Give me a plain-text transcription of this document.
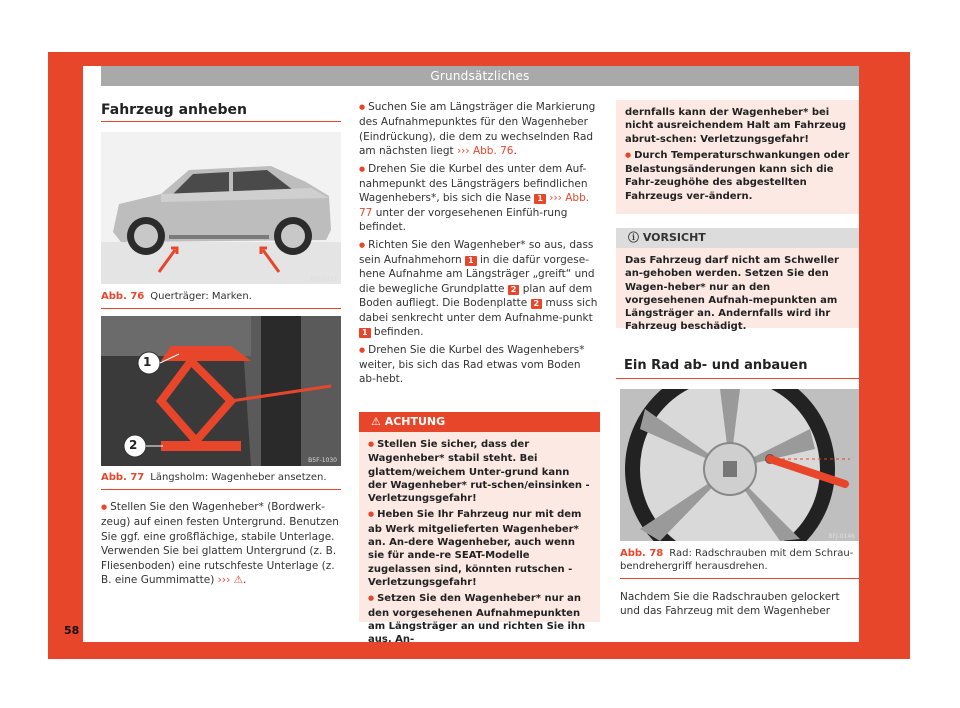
Grundsätzliches
Fahrzeug anheben
BFJ-0023
Abb. 76 Querträger: Marken.
1
2
B5F-1030
Abb. 77 Längsholm: Wagenheber ansetzen.

● Stellen Sie den Wagenheber* (Bordwerk-zeug) auf einen festen Untergrund. Benutzen Sie ggf. eine großflächige, stabile Unterlage. Verwenden Sie bei glattem Untergrund (z. B. Fliesenboden) eine rutschfeste Unterlage (z. B. eine Gummimatte) ››› ⚠.

58

● Suchen Sie am Längsträger die Markierung des Aufnahmepunktes für den Wagenheber (Eindrückung), die dem zu wechselnden Rad am nächsten liegt ››› Abb. 76.

● Drehen Sie die Kurbel des unter dem Auf-nahmepunkt des Längsträgers befindlichen Wagenhebers*, bis sich die Nase 1 ››› Abb. 77 unter der vorgesehenen Einfüh-rung befindet.

● Richten Sie den Wagenheber* so aus, dass sein Aufnahmehorn 1 in die dafür vorgese-hene Aufnahme am Längsträger „greift“ und die bewegliche Grundplatte 2 plan auf dem Boden aufliegt. Die Bodenplatte 2 muss sich dabei senkrecht unter dem Aufnahme-punkt 1 befinden.

● Drehen Sie die Kurbel des Wagenhebers* weiter, bis sich das Rad etwas vom Boden ab-hebt.

⚠ ACHTUNG

● Stellen Sie sicher, dass der Wagenheber* stabil steht. Bei glattem/weichem Unter-grund kann der Wagenheber* rut-schen/einsinken - Verletzungsgefahr!

● Heben Sie Ihr Fahrzeug nur mit dem ab Werk mitgelieferten Wagenheber* an. An-dere Wagenheber, auch wenn sie für ande-re SEAT-Modelle zugelassen sind, könnten rutschen - Verletzungsgefahr!

● Setzen Sie den Wagenheber* nur an den vorgesehenen Aufnahmepunkten am Längsträger an und richten Sie ihn aus. An-

dernfalls kann der Wagenheber* bei nicht ausreichendem Halt am Fahrzeug abrut-schen: Verletzungsgefahr!

● Durch Temperaturschwankungen oder Belastungsänderungen kann sich die Fahr-zeughöhe des abgestellten Fahrzeugs ver-ändern.

ⓘ VORSICHT

Das Fahrzeug darf nicht am Schweller an-gehoben werden. Setzen Sie den Wagen-heber* nur an den vorgesehenen Aufnah-mepunkten am Längsträger an. Andernfalls wird ihr Fahrzeug beschädigt.

Ein Rad ab- und anbauen
BFJ-0146
Abb. 78 Rad: Radschrauben mit dem Schrau-bendrehergriff herausdrehen.

Nachdem Sie die Radschrauben gelockert und das Fahrzeug mit dem Wagenheber
